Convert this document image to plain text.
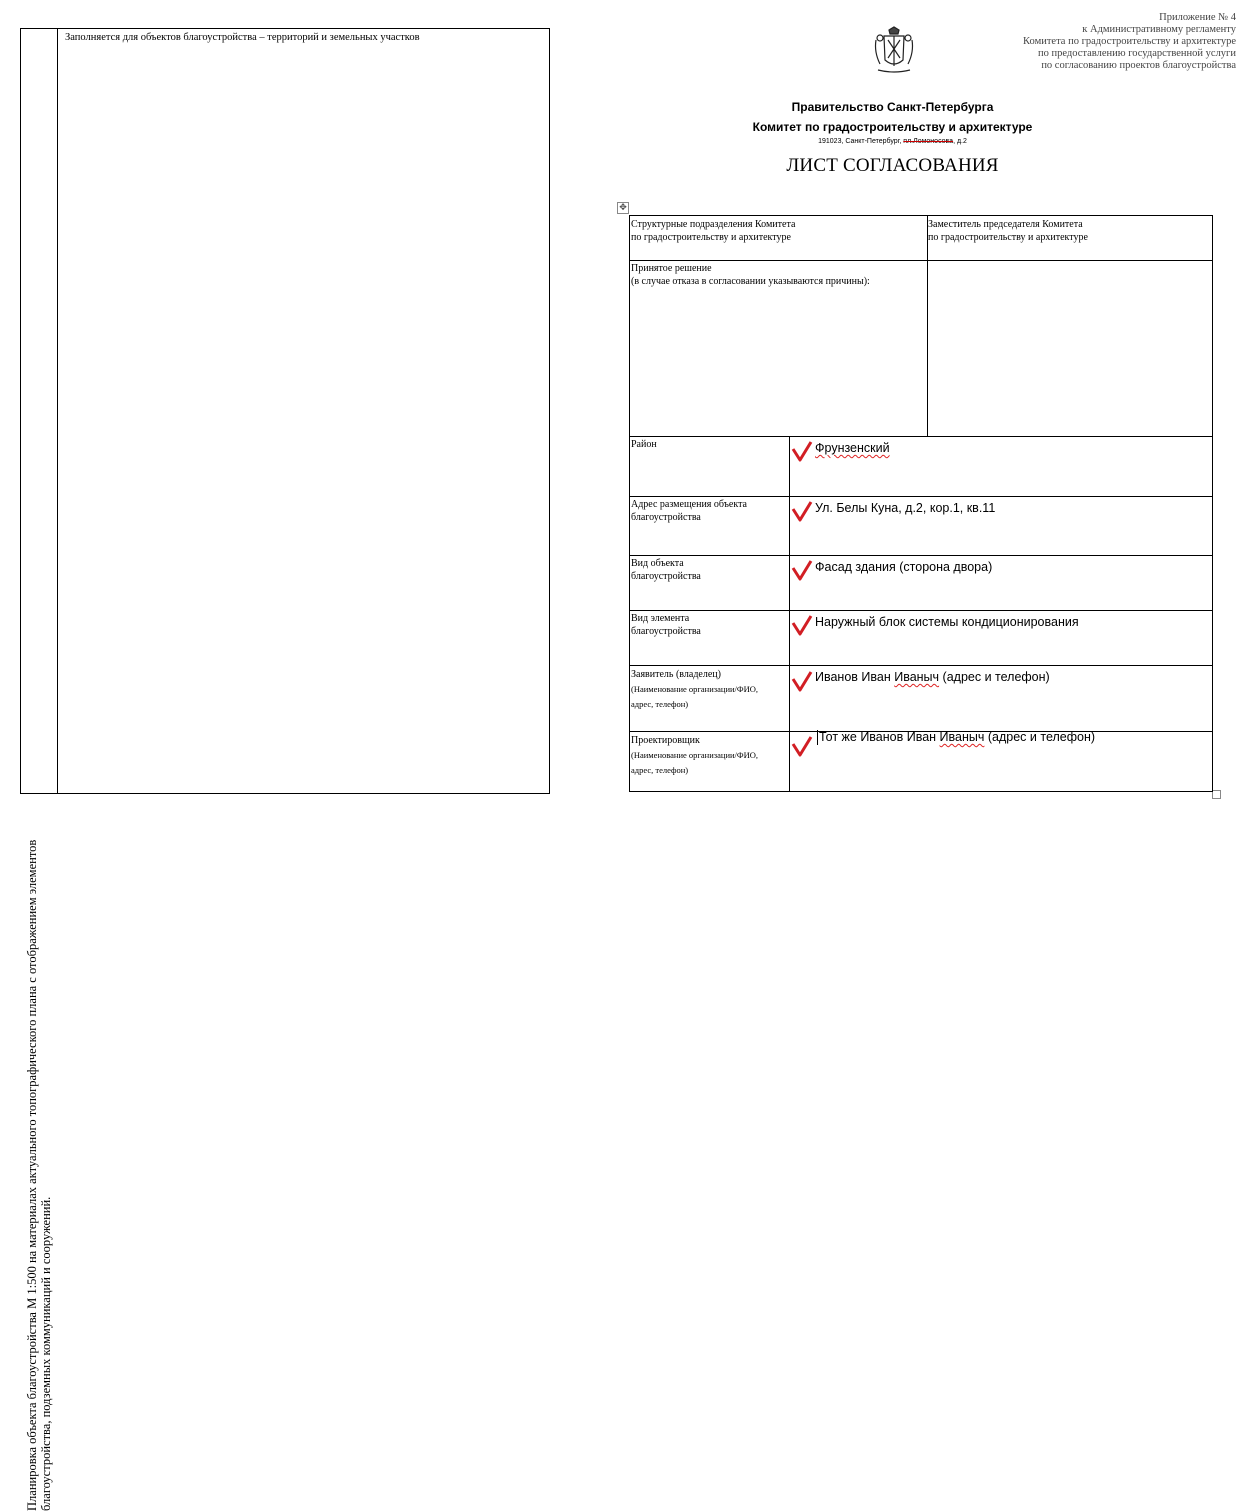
Планировка объекта благоустройства М 1:500 на материалах актуального топографического плана с отображением элементов благоустройства, подземных коммуникаций и сооружений.
Заполняется для объектов благоустройства – территорий и земельных участков
Приложение № 4
к Административному регламенту
Комитета по градостроительству и архитектуре
по предоставлению государственной услуги
по согласованию проектов благоустройства
Правительство Санкт-Петербурга
Комитет по градостроительству и архитектуре
191023, Санкт-Петербург, пл.Ломоносова, д.2
ЛИСТ СОГЛАСОВАНИЯ
✥
Структурные подразделения Комитета
по градостроительству и архитектуре
Заместитель председателя Комитета
по градостроительству и архитектуре
Принятое решение
(в случае отказа в согласовании указываются причины):
Район	Фрунзенский
Адрес размещения объекта
благоустройства
Ул. Белы Куна, д.2, кор.1, кв.11
Вид объекта
благоустройства
Фасад здания (сторона двора)
Вид элемента
благоустройства
Наружный блок системы кондиционирования
Заявитель (владелец)
(Наименование организации/ФИО,
адрес, телефон)
Иванов Иван Иваныч (адрес и телефон)
Проектировщик
(Наименование организации/ФИО,
адрес, телефон)
Тот же Иванов Иван Иваныч (адрес и телефон)
